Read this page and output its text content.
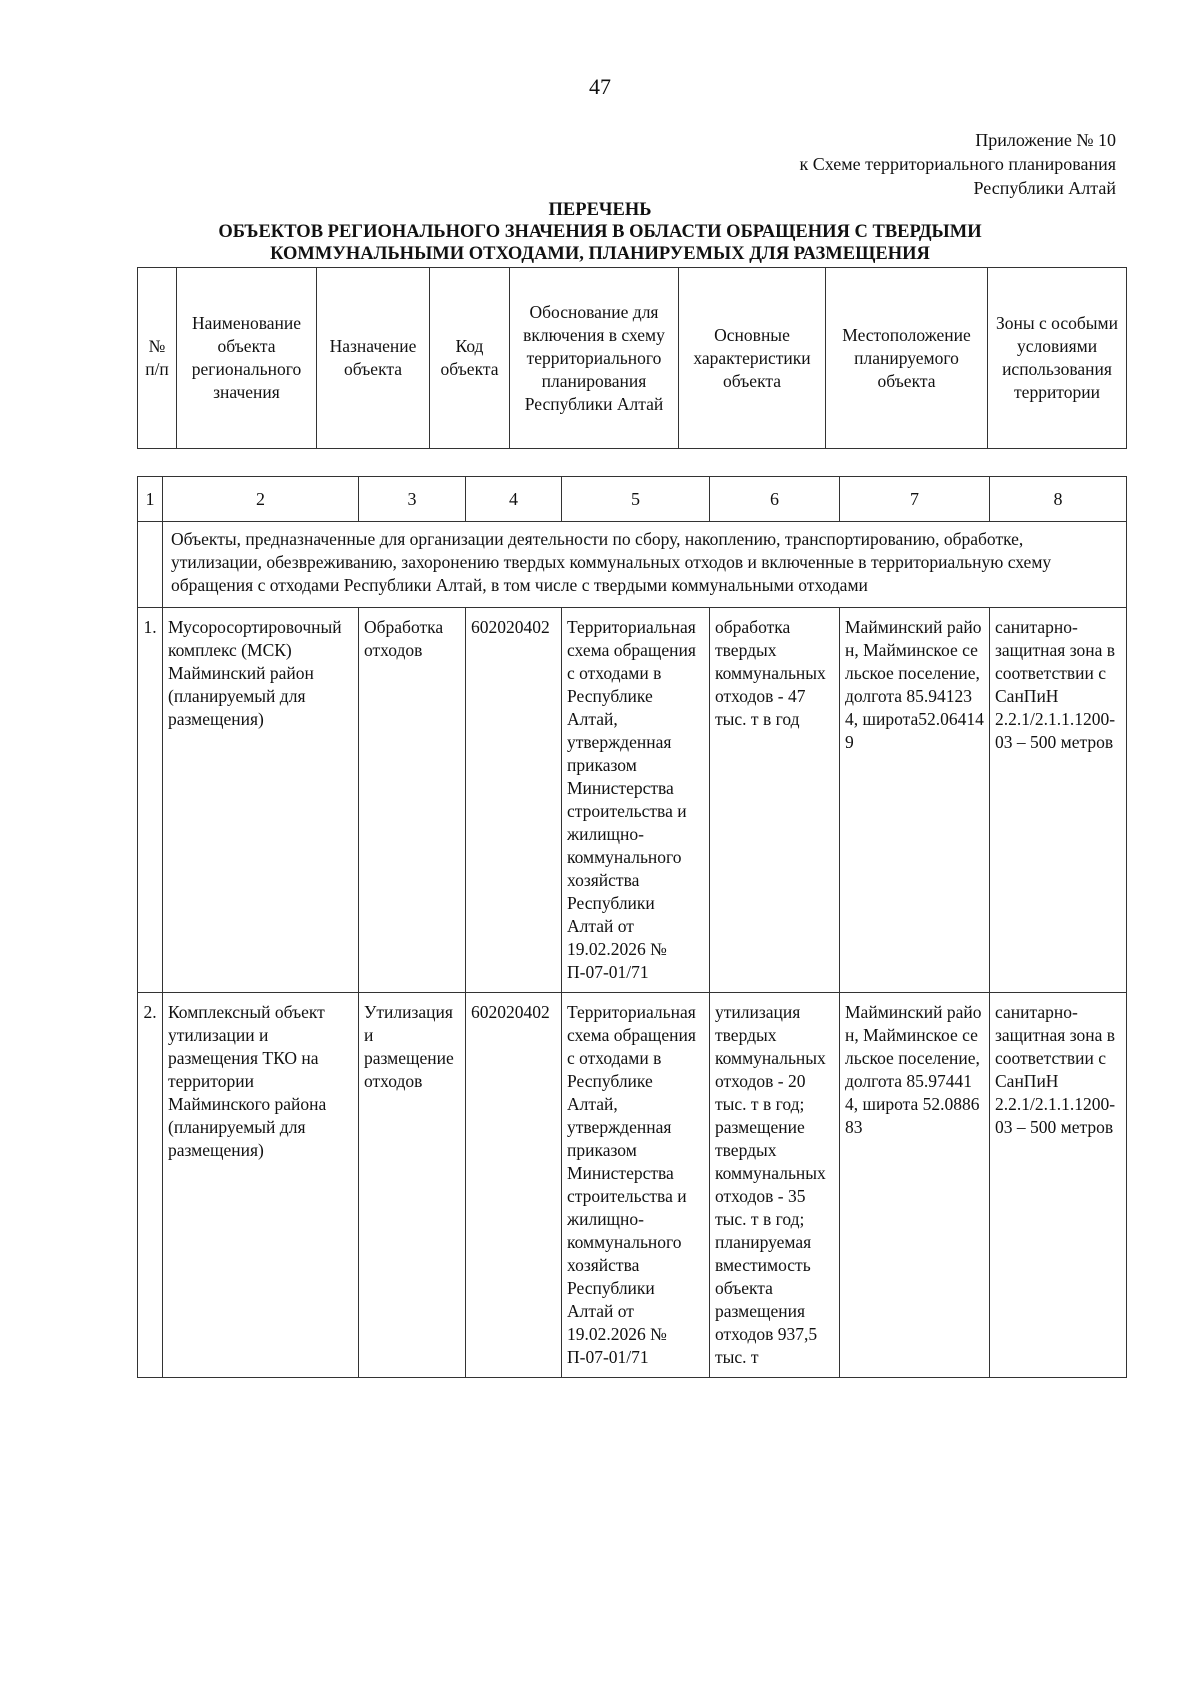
47
Приложение № 10
к Схеме территориального планирования
Республики Алтай
ПЕРЕЧЕНЬ
ОБЪЕКТОВ РЕГИОНАЛЬНОГО ЗНАЧЕНИЯ В ОБЛАСТИ ОБРАЩЕНИЯ С ТВЕРДЫМИ
КОММУНАЛЬНЫМИ ОТХОДАМИ, ПЛАНИРУЕМЫХ ДЛЯ РАЗМЕЩЕНИЯ
№ п/п	Наименование объекта регионального значения	Назначение объекта	Код объекта	Обоснование для включения в схему территориального планирования Республики Алтай	Основные характеристики объекта	Местоположение планируемого объекта	Зоны с особыми условиями использования территории
1	2	3	4	5	6	7	8
	Объекты, предназначенные для организации деятельности по сбору, накоплению, транспортированию, обработке, утилизации, обезвреживанию, захоронению твердых коммунальных отходов и включенные в территориальную схему обращения с отходами Республики Алтай, в том числе с твердыми коммунальными отходами						
1.	Мусоросортировочный комплекс (МСК) Майминский район (планируемый для размещения)	Обработка отходов	602020402	Территориальная схема обращения с отходами в Республике Алтай, утвержденная приказом Министерства строительства и жилищно-коммунального хозяйства Республики Алтай от 19.02.2026 № П-07-01/71	обработка твердых коммунальных отходов - 47 тыс. т в год	Майминский район, Майминское сельское поселение, долгота 85.941234, широта52.064149	санитарно-защитная зона в соответствии с СанПиН 2.2.1/2.1.1.1200-03 – 500 метров
2.	Комплексный объект утилизации и размещения ТКО на территории Майминского района (планируемый для размещения)	Утилизация и размещение отходов	602020402	Территориальная схема обращения с отходами в Республике Алтай, утвержденная приказом Министерства строительства и жилищно-коммунального хозяйства Республики Алтай от 19.02.2026 № П-07-01/71	утилизация твердых коммунальных отходов - 20 тыс. т в год; размещение твердых коммунальных отходов - 35 тыс. т в год; планируемая вместимость объекта размещения отходов 937,5 тыс. т	Майминский район, Майминское сельское поселение, долгота 85.974414, широта 52.088683	санитарно-защитная зона в соответствии с СанПиН 2.2.1/2.1.1.1200-03 – 500 метров
